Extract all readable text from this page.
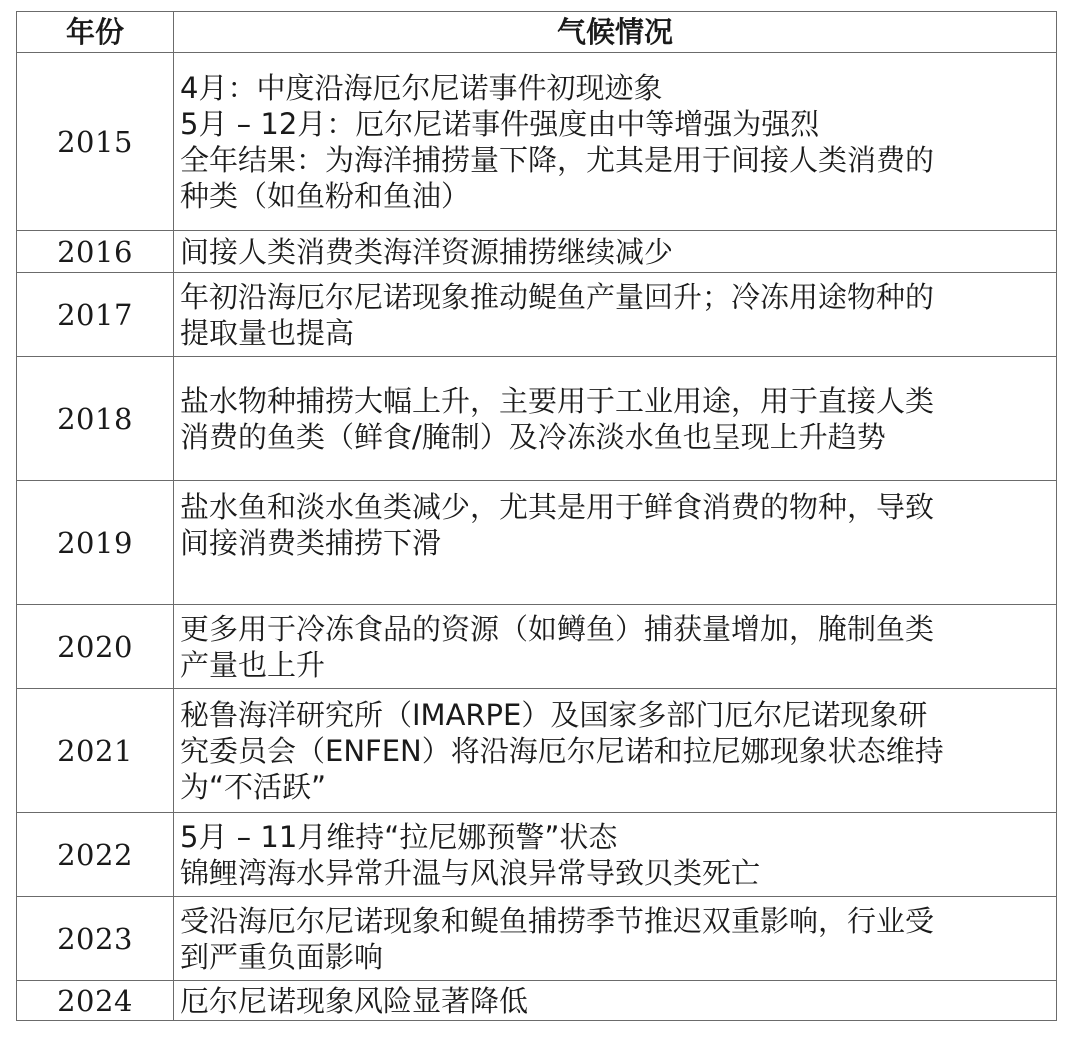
年份	气候情况
2015	4月：中度沿海厄尔尼诺事件初现迹象
5月 – 12月：厄尔尼诺事件强度由中等增强为强烈
全年结果：为海洋捕捞量下降，尤其是用于间接人类消费的
种类（如鱼粉和鱼油）

2016	间接人类消费类海洋资源捕捞继续减少

2017	年初沿海厄尔尼诺现象推动鳀鱼产量回升；冷冻用途物种的
提取量也提高

2018	盐水物种捕捞大幅上升，主要用于工业用途，用于直接人类
消费的鱼类（鲜食/腌制）及冷冻淡水鱼也呈现上升趋势

2019	盐水鱼和淡水鱼类减少，尤其是用于鲜食消费的物种，导致
间接消费类捕捞下滑

2020	更多用于冷冻食品的资源（如鳟鱼）捕获量增加，腌制鱼类
产量也上升

2021	秘鲁海洋研究所（IMARPE）及国家多部门厄尔尼诺现象研
究委员会（ENFEN）将沿海厄尔尼诺和拉尼娜现象状态维持
为“不活跃”

2022	5月 – 11月维持“拉尼娜预警”状态
锦鲤湾海水异常升温与风浪异常导致贝类死亡

2023	受沿海厄尔尼诺现象和鳀鱼捕捞季节推迟双重影响，行业受
到严重负面影响

2024	厄尔尼诺现象风险显著降低
